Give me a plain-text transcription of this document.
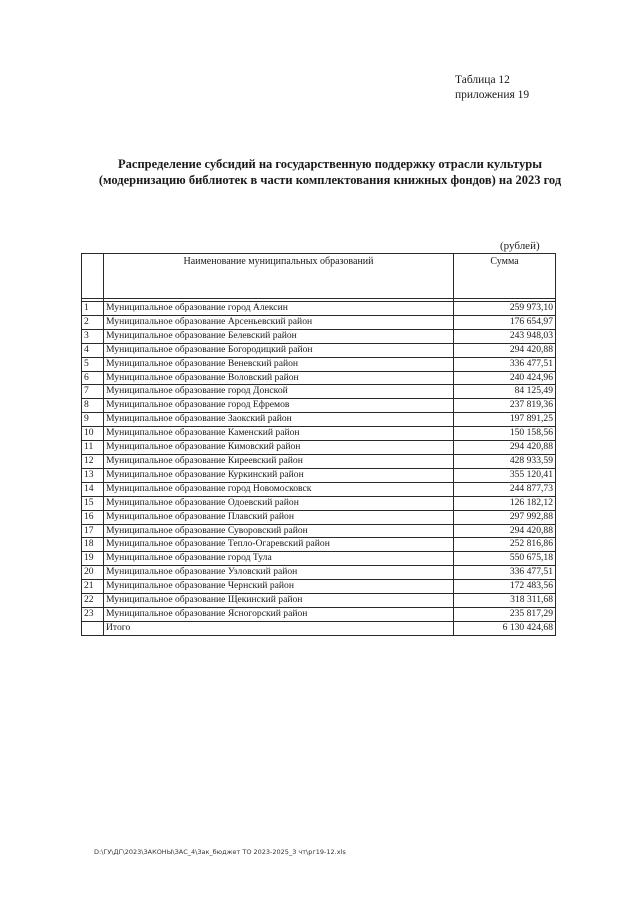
Таблица 12
приложения 19
Распределение субсидий на государственную поддержку отрасли культуры
(модернизацию библиотек в части комплектования книжных фондов) на 2023 год
(рублей)
	Наименование муниципальных образований	Сумма

1	Муниципальное образование город Алексин	259 973,10
2	Муниципальное образование Арсеньевский район	176 654,97
3	Муниципальное образование Белевский район	243 948,03
4	Муниципальное образование Богородицкий район	294 420,88
5	Муниципальное образование Веневский район	336 477,51
6	Муниципальное образование Воловский район	240 424,96
7	Муниципальное образование город Донской	84 125,49
8	Муниципальное образование город Ефремов	237 819,36
9	Муниципальное образование Заокский район	197 891,25
10	Муниципальное образование Каменский район	150 158,56
11	Муниципальное образование Кимовский район	294 420,88
12	Муниципальное образование Киреевский район	428 933,59
13	Муниципальное образование Куркинский район	355 120,41
14	Муниципальное образование город Новомосковск	244 877,73
15	Муниципальное образование Одоевский район	126 182,12
16	Муниципальное образование Плавский район	297 992,88
17	Муниципальное образование Суворовский район	294 420,88
18	Муниципальное образование Тепло-Огаревский район	252 816,86
19	Муниципальное образование город Тула	550 675,18
20	Муниципальное образование Узловский район	336 477,51
21	Муниципальное образование Чернский район	172 483,56
22	Муниципальное образование Щекинский район	318 311,68
23	Муниципальное образование Ясногорский район	235 817,29
	Итого	6 130 424,68
D:\ГУ\ДГ\2023\ЗАКОНЫ\ЗАС_4\Зак_бюджет ТО 2023-2025_3 чт\рг19-12.xls
